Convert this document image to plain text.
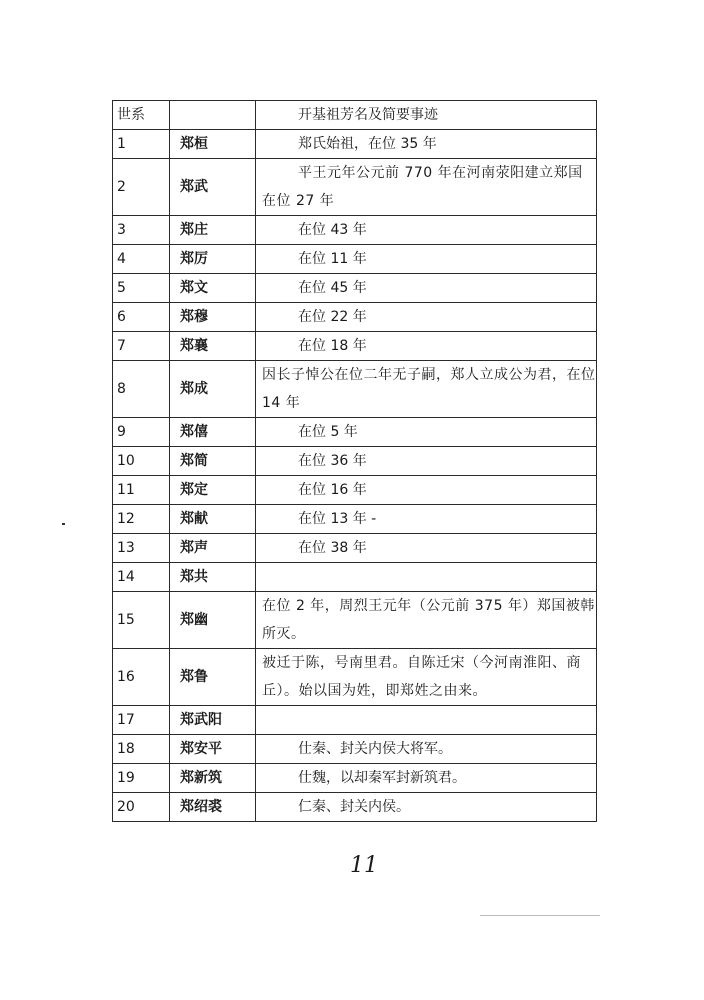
世系		开基祖芳名及简要事迹

1	郑桓	郑氏始祖，在位 35 年

2	郑武	平王元年公元前 770 年在河南荥阳建立郑国在位 27 年

3	郑庄	在位 43 年

4	郑厉	在位 11 年

5	郑文	在位 45 年

6	郑穆	在位 22 年

7	郑襄	在位 18 年

8	郑成	因长子悼公在位二年无子嗣，郑人立成公为君，在位 14 年

9	郑僖	在位 5 年

10	郑简	在位 36 年

11	郑定	在位 16 年

12	郑献	在位 13 年 -

13	郑声	在位 38 年

14	郑共	

15	郑幽	在位 2 年，周烈王元年（公元前 375 年）郑国被韩所灭。

16	郑鲁	被迁于陈，号南里君。自陈迁宋（今河南淮阳、商丘）。始以国为姓，即郑姓之由来。

17	郑武阳	

18	郑安平	仕秦、封关内侯大将军。

19	郑新筑	仕魏，以却秦军封新筑君。

20	郑绍裘	仁秦、封关内侯。
11
